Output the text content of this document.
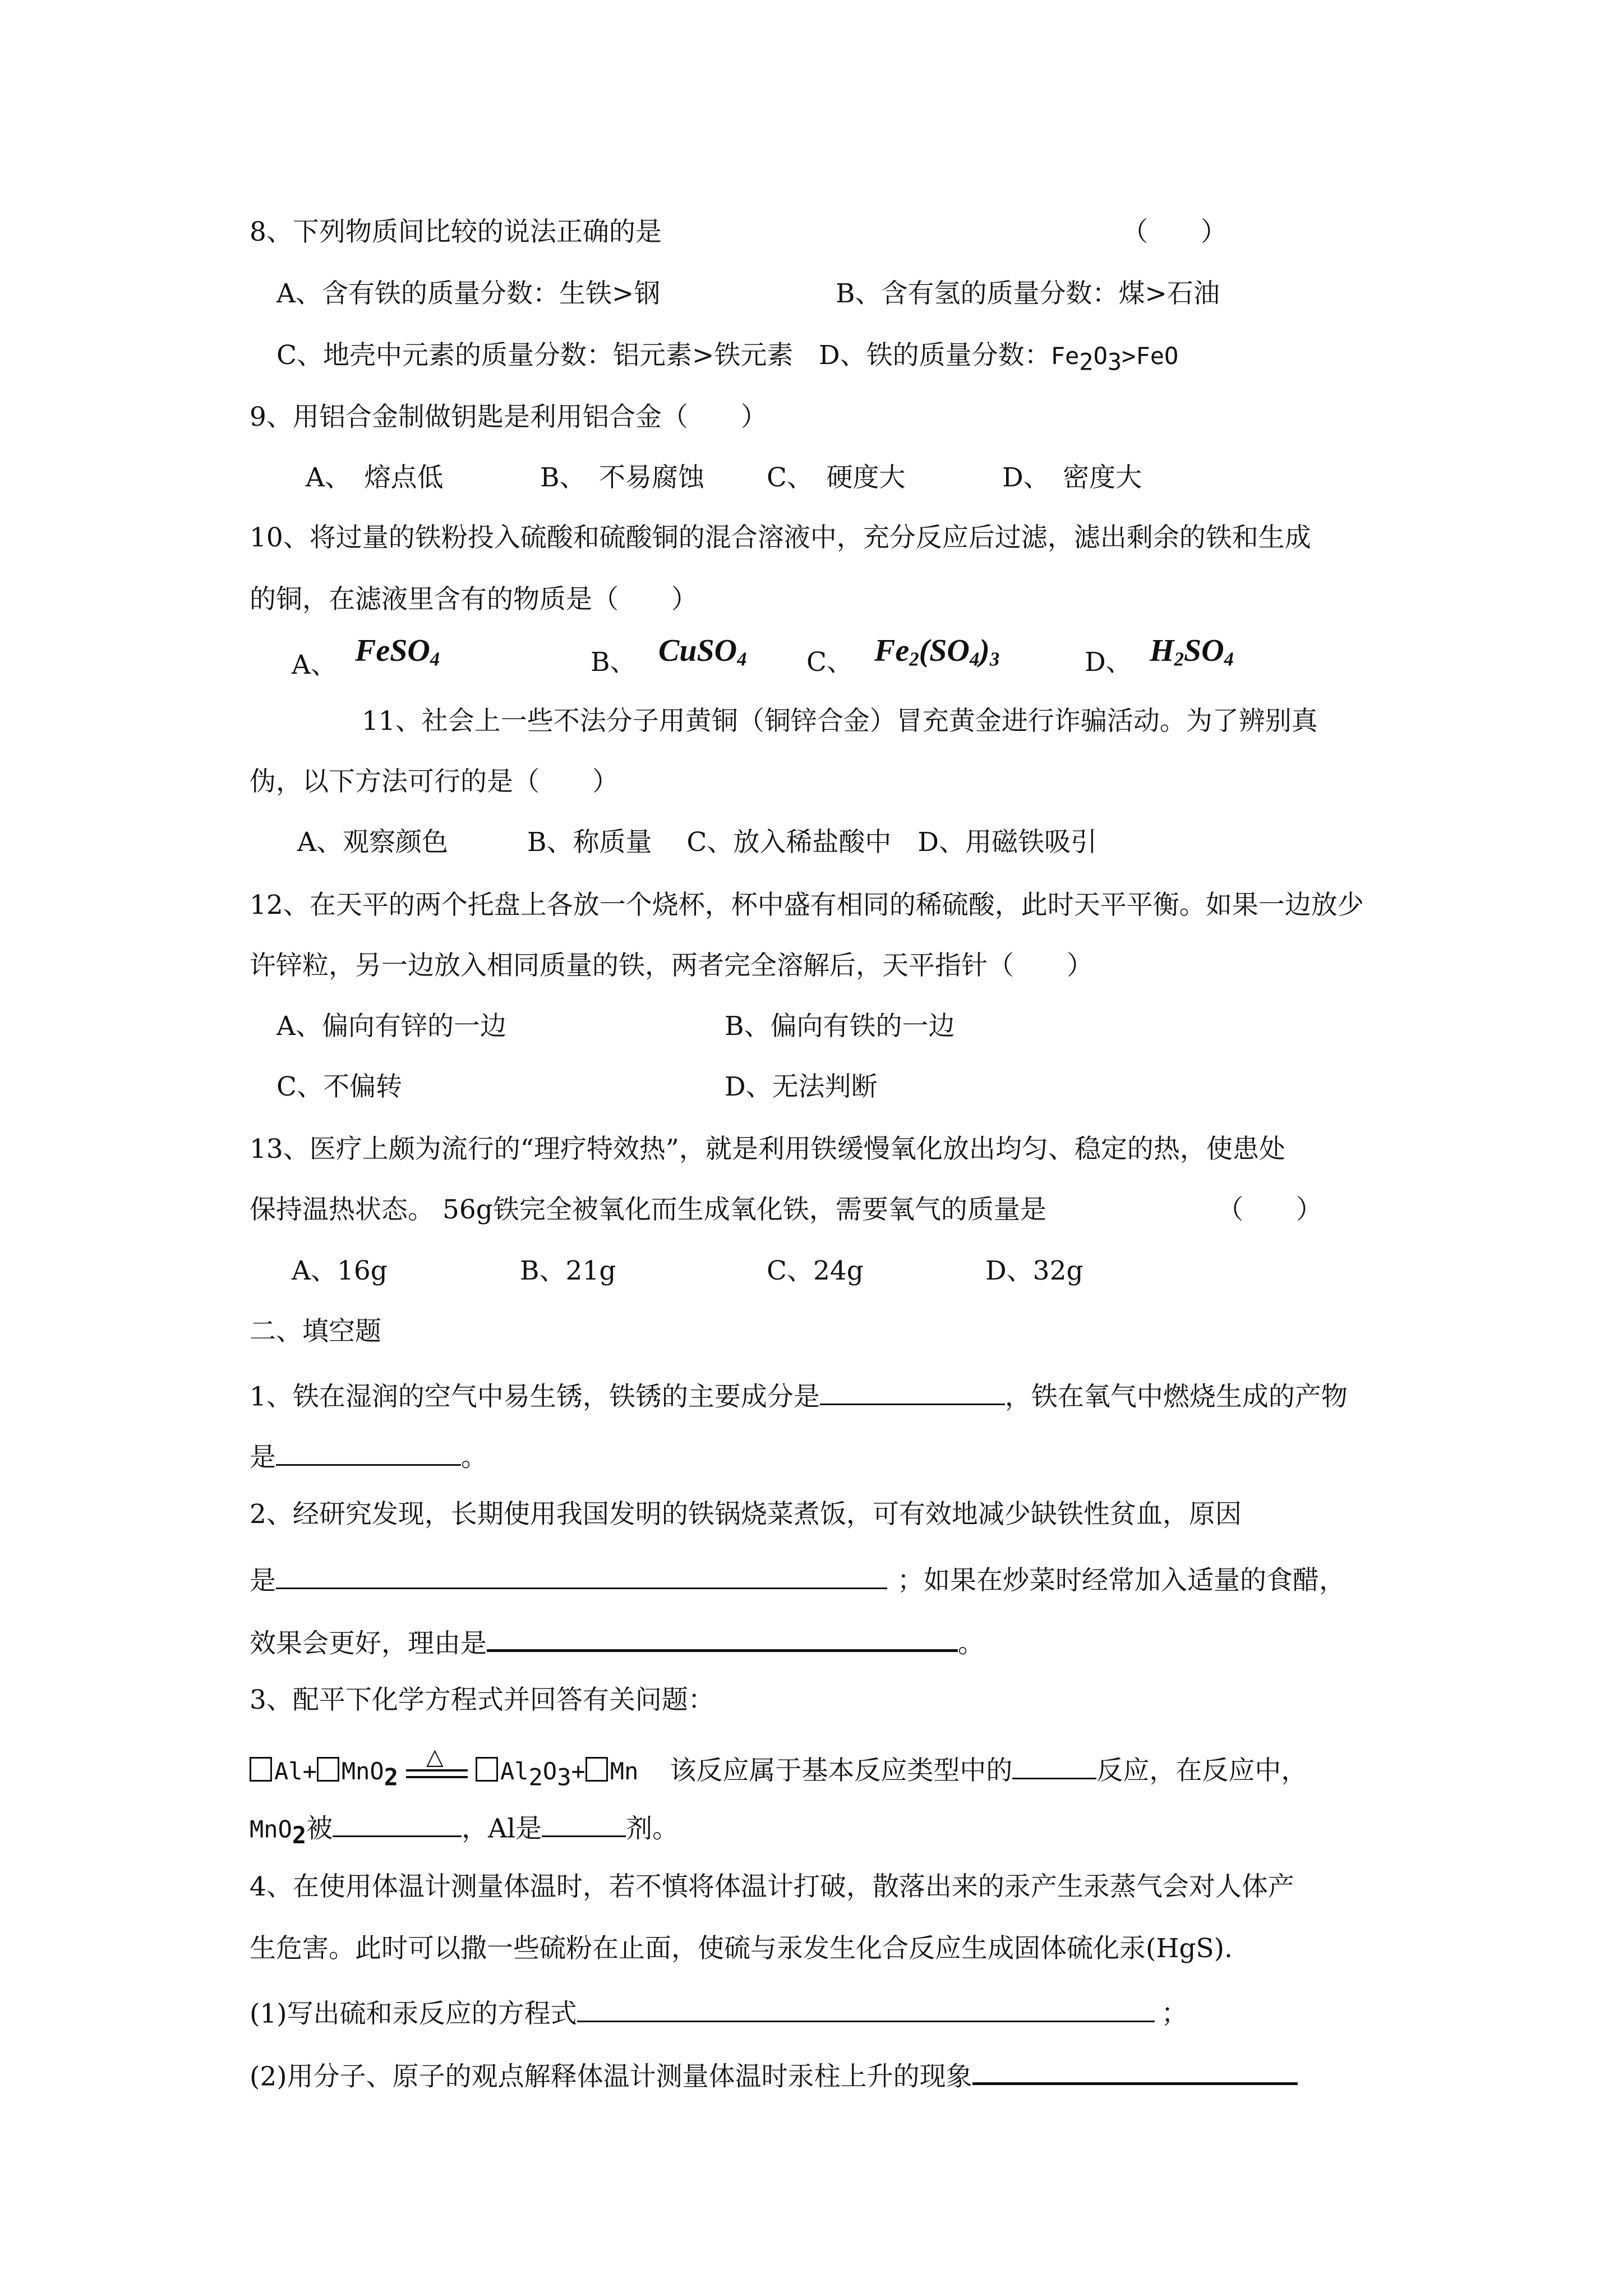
8、下列物质间比较的说法正确的是	（　　）
A、含有铁的质量分数：生铁>钢	B、含有氢的质量分数：煤>石油
C、地壳中元素的质量分数：铝元素>铁元素 D、铁的质量分数：$Fe_2O_3>FeO$
9、用铝合金制做钥匙是利用铝合金（　　）
A、　熔点低	B、　不易腐蚀 C、　硬度大	D、　密度大
10、将过量的铁粉投入硫酸和硫酸铜的混合溶液中，充分反应后过滤，滤出剩余的铁和生成
的铜，在滤液里含有的物质是（　　）
A、 FeSO$_4$	B、 CuSO$_4$ C、 $Fe_2(SO_4)_3$	D、 $H_2SO_4$
11、社会上一些不法分子用黄铜（铜锌合金）冒充黄金进行诈骗活动。为了辨别真
伪，以下方法可行的是（　　）
A、观察颜色　　　B、称质量　 C、放入稀盐酸中　D、用磁铁吸引
12、在天平的两个托盘上各放一个烧杯，杯中盛有相同的稀硫酸，此时天平平衡。如果一边放少
许锌粒，另一边放入相同质量的铁，两者完全溶解后，天平指针（　　）
A、偏向有锌的一边	B、偏向有铁的一边
C、不偏转	D、无法判断
13、医疗上颇为流行的“理疗特效热”，就是利用铁缓慢氧化放出均匀、稳定的热，使患处
保持温热状态。 56g铁完全被氧化而生成氧化铁，需要氧气的质量是	（　　）
A、16g	B、21g	C、24g	D、32g
二、填空题
1、铁在湿润的空气中易生锈，铁锈的主要成分是	，铁在氧气中燃烧生成的产物
是	。
2、经研究发现，长期使用我国发明的铁锅烧菜煮饭，可有效地减少缺铁性贫血，原因
是	；如果在炒菜时经常加入适量的食醋，
效果会更好，理由是	。
3、配平下化学方程式并回答有关问题：
Al+ MnO$_2$
△
$Al_2O_3+ Mn$ 该反应属于基本反应类型中的	反应，在反应中，
MnO$_2$被	，Al是	剂。
4、在使用体温计测量体温时，若不慎将体温计打破，散落出来的汞产生汞蒸气会对人体产
生危害。此时可以撒一些硫粉在止面，使硫与汞发生化合反应生成固体硫化汞(HgS).
(1)写出硫和汞反应的方程式	；
(2)用分子、原子的观点解释体温计测量体温时汞柱上升的现象
